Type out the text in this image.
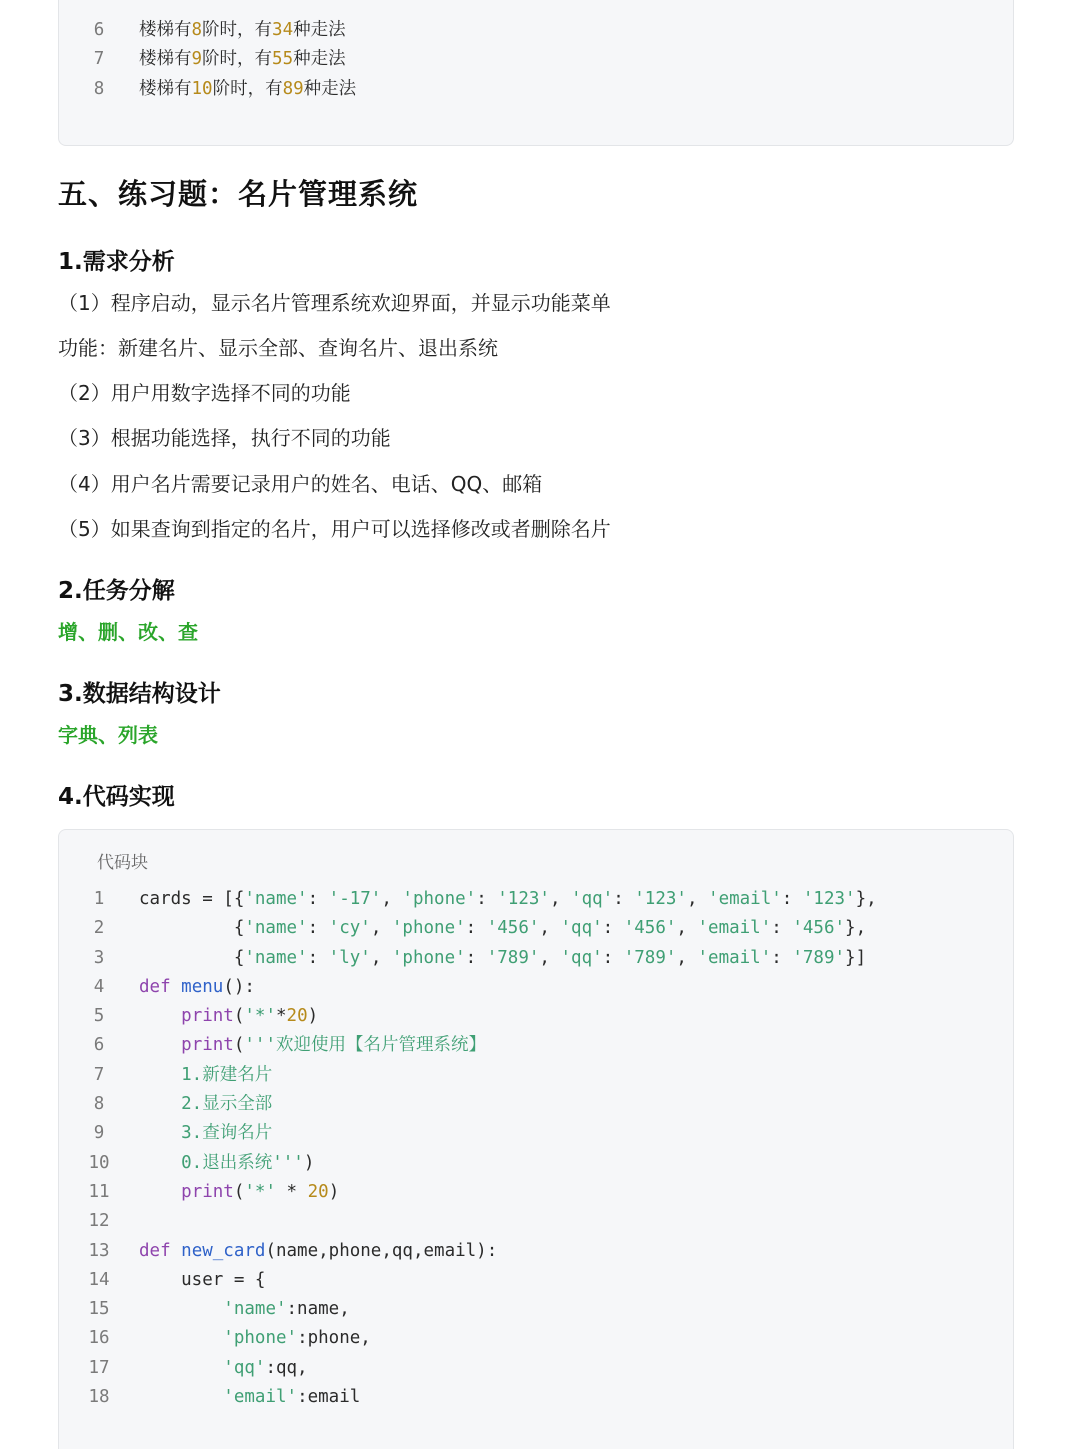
6 楼梯有8阶时，有34种走法
7 楼梯有9阶时，有55种走法
8 楼梯有10阶时，有89种走法
五、练习题：名片管理系统
1.需求分析

（1）程序启动，显示名片管理系统欢迎界面，并显示功能菜单

功能：新建名片、显示全部、查询名片、退出系统

（2）用户用数字选择不同的功能

（3）根据功能选择，执行不同的功能

（4）用户名片需要记录用户的姓名、电话、QQ、邮箱

（5）如果查询到指定的名片，用户可以选择修改或者删除名片

2.任务分解

增、删、改、查

3.数据结构设计

字典、列表

4.代码实现
代码块
1 cards = [{'name': '-17', 'phone': '123', 'qq': '123', 'email': '123'},
2         {'name': 'cy', 'phone': '456', 'qq': '456', 'email': '456'},
3         {'name': 'ly', 'phone': '789', 'qq': '789', 'email': '789'}]
4 def menu():
5	print('*'*20)
6	print('''欢迎使用【名片管理系统】
7    1.新建名片
8    2.显示全部
9    3.查询名片
10    0.退出系统''')
11	print('*' * 20)
12
13 def new_card(name,phone,qq,email):
14    user = {
15	'name':name,
16	'phone':phone,
17	'qq':qq,
18	'email':email
